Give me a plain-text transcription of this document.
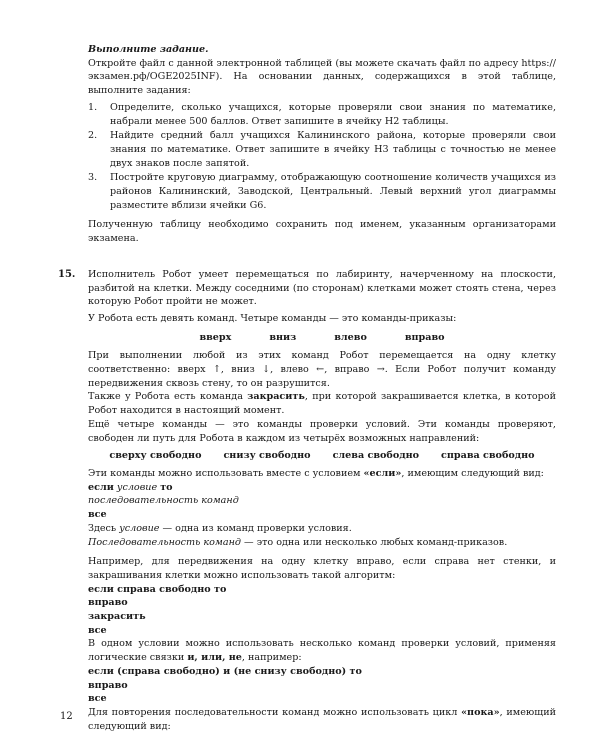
Выполните задание.

Откройте файл с данной электронной таблицей (вы можете скачать файл по адресу https://экзамен.рф/OGE2025INF). На основании данных, содержащихся в этой таблице, выполните задания:

1.	Определите, сколько учащихся, которые проверяли свои знания по математике, набрали менее 500 баллов. Ответ запишите в ячейку Н2 таблицы.
2.	Найдите средний балл учащихся Калининского района, которые проверяли свои знания по математике. Ответ запишите в ячейку Н3 таблицы с точностью не менее двух знаков после запятой.
3.	Постройте круговую диаграмму, отображающую соотношение количеств учащихся из районов Калининский, Заводской, Центральный. Левый верхний угол диаграммы разместите вблизи ячейки G6.

Полученную таблицу необходимо сохранить под именем, указанным организаторами экзамена.

15. Исполнитель Робот умеет перемещаться по лабиринту, начерченному на плоскости, разбитой на клетки. Между соседними (по сторонам) клетками может стоять стена, через которую Робот пройти не может.

У Робота есть девять команд. Четыре команды — это команды-приказы:

вверх	вниз	влево	вправо

При выполнении любой из этих команд Робот перемещается на одну клетку соответственно: вверх ↑, вниз ↓, влево ←, вправо →. Если Робот получит команду передвижения сквозь стену, то он разрушится.

Также у Робота есть команда закрасить, при которой закрашивается клетка, в которой Робот находится в настоящий момент.

Ещё четыре команды — это команды проверки условий. Эти команды проверяют, свободен ли путь для Робота в каждом из четырёх возможных направлений:

сверху свободно снизу свободно слева свободно справа свободно

Эти команды можно использовать вместе с условием «если», имеющим следующий вид:

если условие то

последовательность команд

все

Здесь условие — одна из команд проверки условия.

Последовательность команд — это одна или несколько любых команд-приказов.

Например, для передвижения на одну клетку вправо, если справа нет стенки, и закрашивания клетки можно использовать такой алгоритм:

если справа свободно то

вправо

закрасить

все

В одном условии можно использовать несколько команд проверки условий, применяя логические связки и, или, не, например:

если (справа свободно) и (не снизу свободно) то

вправо

все

Для повторения последовательности команд можно использовать цикл «пока», имеющий следующий вид:

12
